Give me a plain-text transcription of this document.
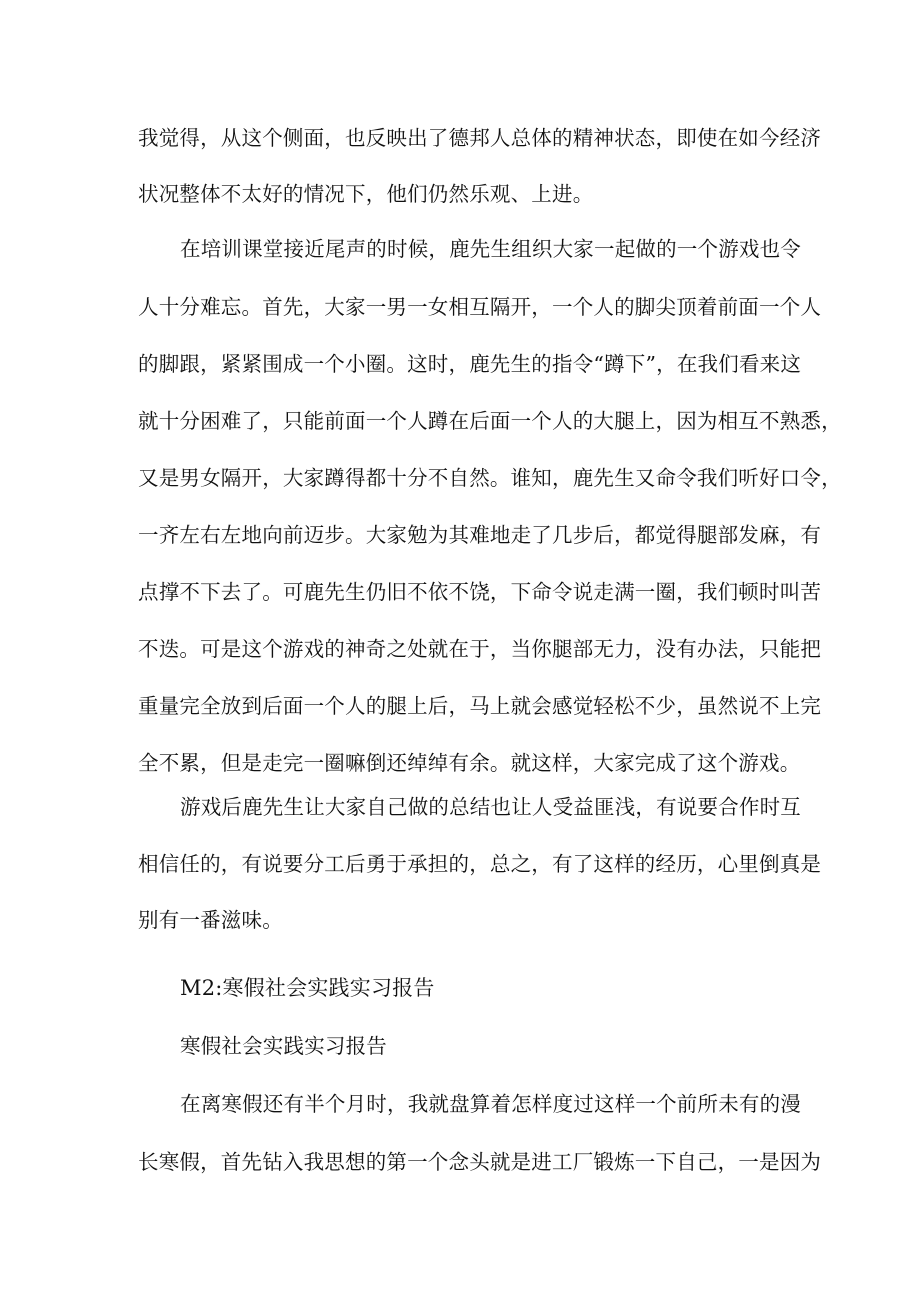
我觉得，从这个侧面，也反映出了德邦人总体的精神状态，即使在如今经济
状况整体不太好的情况下，他们仍然乐观、上进。
在培训课堂接近尾声的时候，鹿先生组织大家一起做的一个游戏也令
人十分难忘。首先，大家一男一女相互隔开，一个人的脚尖顶着前面一个人
的脚跟，紧紧围成一个小圈。这时，鹿先生的指令“蹲下”，在我们看来这
就十分困难了，只能前面一个人蹲在后面一个人的大腿上，因为相互不熟悉，
又是男女隔开，大家蹲得都十分不自然。谁知，鹿先生又命令我们听好口令，
一齐左右左地向前迈步。大家勉为其难地走了几步后，都觉得腿部发麻，有
点撑不下去了。可鹿先生仍旧不依不饶，下命令说走满一圈，我们顿时叫苦
不迭。可是这个游戏的神奇之处就在于，当你腿部无力，没有办法，只能把
重量完全放到后面一个人的腿上后，马上就会感觉轻松不少，虽然说不上完
全不累，但是走完一圈嘛倒还绰绰有余。就这样，大家完成了这个游戏。
游戏后鹿先生让大家自己做的总结也让人受益匪浅，有说要合作时互
相信任的，有说要分工后勇于承担的，总之，有了这样的经历，心里倒真是
别有一番滋味。
M2:寒假社会实践实习报告
寒假社会实践实习报告
在离寒假还有半个月时，我就盘算着怎样度过这样一个前所未有的漫
长寒假，首先钻入我思想的第一个念头就是进工厂锻炼一下自己，一是因为
